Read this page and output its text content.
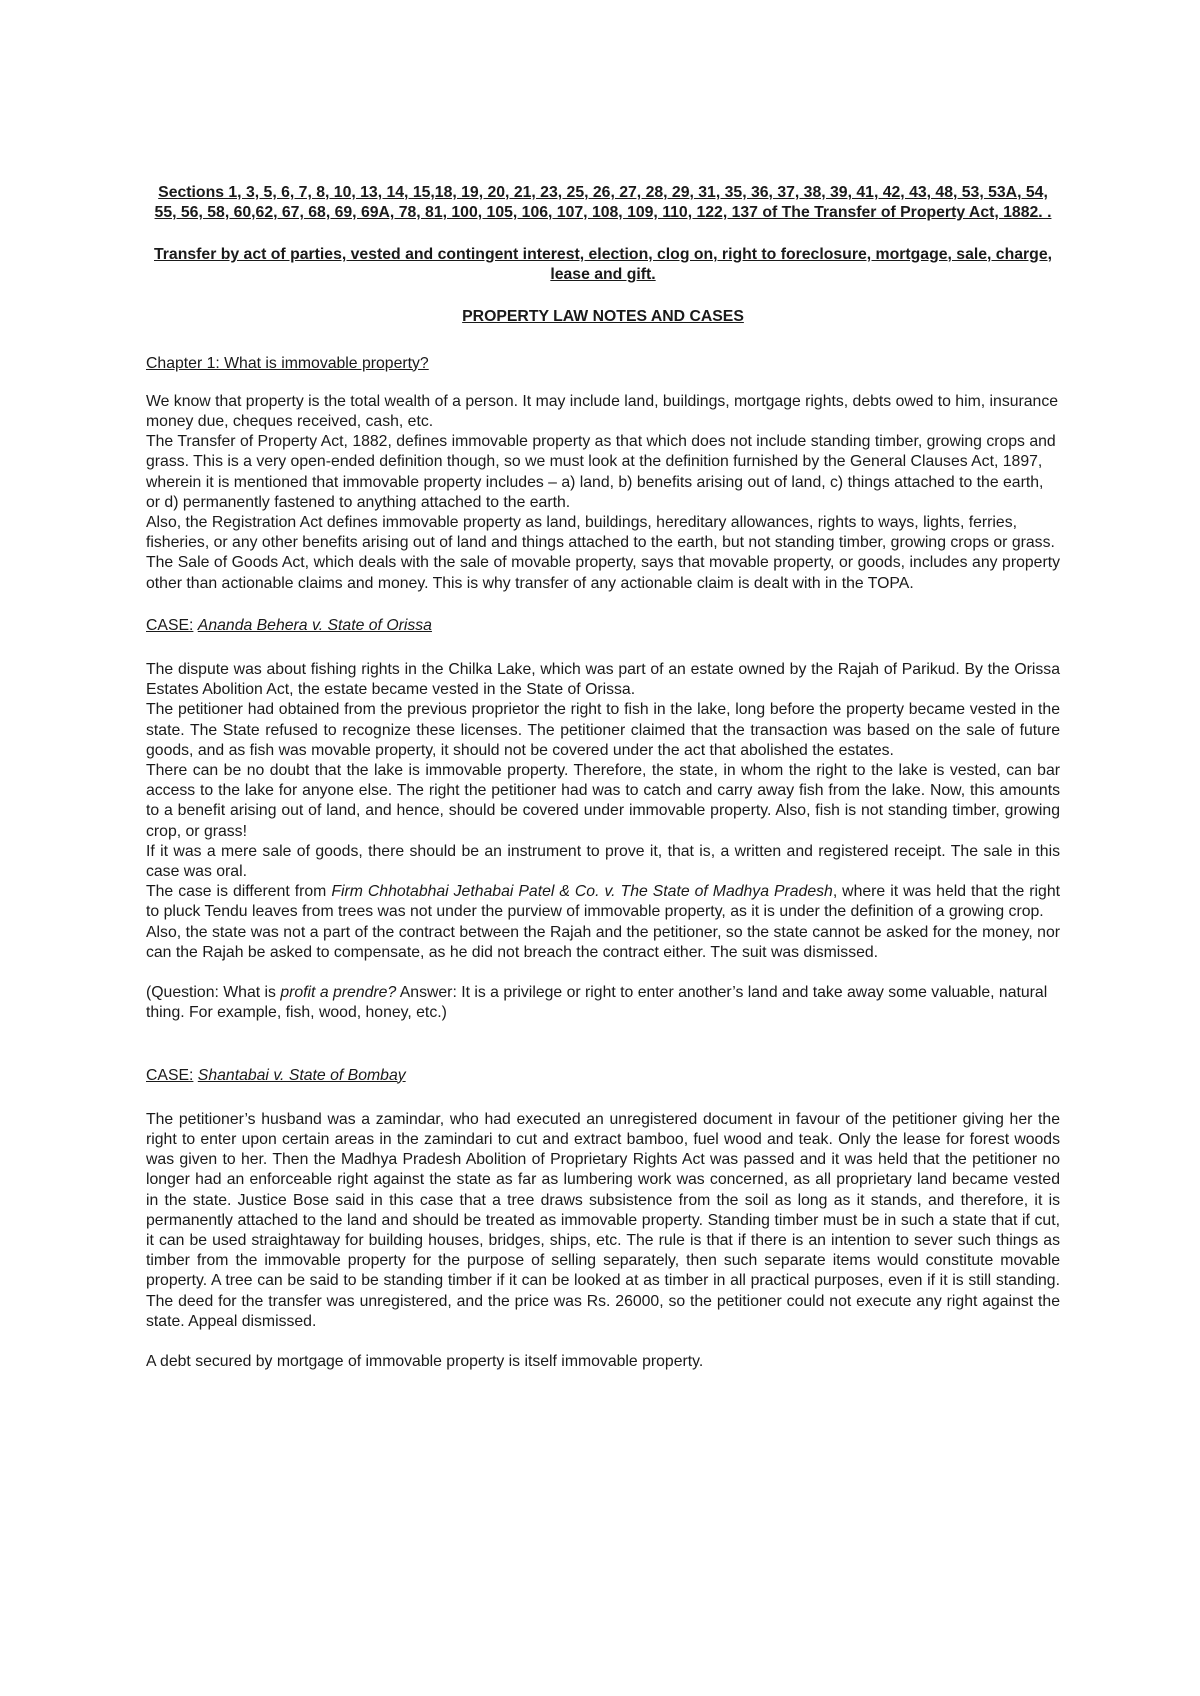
Sections 1, 3, 5, 6, 7, 8, 10, 13, 14, 15,18, 19, 20, 21, 23, 25, 26, 27, 28, 29, 31, 35, 36, 37, 38, 39, 41, 42, 43, 48, 53, 53A, 54, 55, 56, 58, 60,62, 67, 68, 69, 69A, 78, 81, 100, 105, 106, 107, 108, 109, 110, 122, 137 of The Transfer of Property Act, 1882. .

Transfer by act of parties, vested and contingent interest, election, clog on, right to foreclosure, mortgage, sale, charge, lease and gift.

PROPERTY LAW NOTES AND CASES

Chapter 1: What is immovable property?

We know that property is the total wealth of a person. It may include land, buildings, mortgage rights, debts owed to him, insurance money due, cheques received, cash, etc.

The Transfer of Property Act, 1882, defines immovable property as that which does not include standing timber, growing crops and grass. This is a very open-ended definition though, so we must look at the definition furnished by the General Clauses Act, 1897, wherein it is mentioned that immovable property includes – a) land, b) benefits arising out of land, c) things attached to the earth, or d) permanently fastened to anything attached to the earth.

Also, the Registration Act defines immovable property as land, buildings, hereditary allowances, rights to ways, lights, ferries, fisheries, or any other benefits arising out of land and things attached to the earth, but not standing timber, growing crops or grass.

The Sale of Goods Act, which deals with the sale of movable property, says that movable property, or goods, includes any property other than actionable claims and money. This is why transfer of any actionable claim is dealt with in the TOPA.

CASE: Ananda Behera v. State of Orissa

The dispute was about fishing rights in the Chilka Lake, which was part of an estate owned by the Rajah of Parikud. By the Orissa Estates Abolition Act, the estate became vested in the State of Orissa.

The petitioner had obtained from the previous proprietor the right to fish in the lake, long before the property became vested in the state. The State refused to recognize these licenses. The petitioner claimed that the transaction was based on the sale of future goods, and as fish was movable property, it should not be covered under the act that abolished the estates.

There can be no doubt that the lake is immovable property. Therefore, the state, in whom the right to the lake is vested, can bar access to the lake for anyone else. The right the petitioner had was to catch and carry away fish from the lake. Now, this amounts to a benefit arising out of land, and hence, should be covered under immovable property. Also, fish is not standing timber, growing crop, or grass!

If it was a mere sale of goods, there should be an instrument to prove it, that is, a written and registered receipt. The sale in this case was oral.

The case is different from Firm Chhotabhai Jethabai Patel & Co. v. The State of Madhya Pradesh, where it was held that the right to pluck Tendu leaves from trees was not under the purview of immovable property, as it is under the definition of a growing crop.

Also, the state was not a part of the contract between the Rajah and the petitioner, so the state cannot be asked for the money, nor can the Rajah be asked to compensate, as he did not breach the contract either. The suit was dismissed.

(Question: What is profit a prendre? Answer: It is a privilege or right to enter another’s land and take away some valuable, natural thing. For example, fish, wood, honey, etc.)

CASE: Shantabai v. State of Bombay

The petitioner’s husband was a zamindar, who had executed an unregistered document in favour of the petitioner giving her the right to enter upon certain areas in the zamindari to cut and extract bamboo, fuel wood and teak. Only the lease for forest woods was given to her. Then the Madhya Pradesh Abolition of Proprietary Rights Act was passed and it was held that the petitioner no longer had an enforceable right against the state as far as lumbering work was concerned, as all proprietary land became vested in the state. Justice Bose said in this case that a tree draws subsistence from the soil as long as it stands, and therefore, it is permanently attached to the land and should be treated as immovable property. Standing timber must be in such a state that if cut, it can be used straightaway for building houses, bridges, ships, etc. The rule is that if there is an intention to sever such things as timber from the immovable property for the purpose of selling separately, then such separate items would constitute movable property. A tree can be said to be standing timber if it can be looked at as timber in all practical purposes, even if it is still standing. The deed for the transfer was unregistered, and the price was Rs. 26000, so the petitioner could not execute any right against the state. Appeal dismissed.

A debt secured by mortgage of immovable property is itself immovable property.
